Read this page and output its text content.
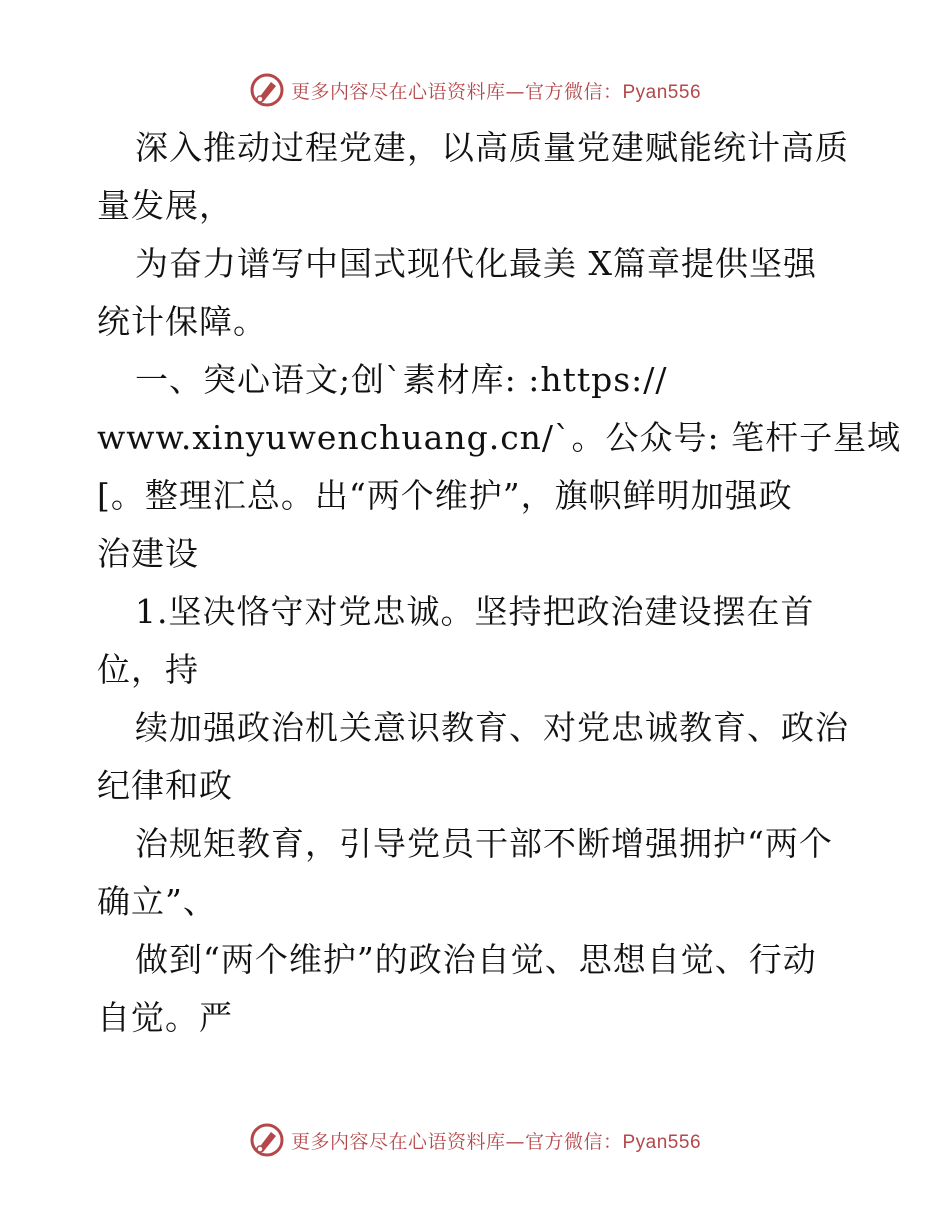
更多内容尽在心语资料库—官方微信：Pyan556
深入推动过程党建，以高质量党建赋能统计高质
量发展，
为奋力谱写中国式现代化最美 X篇章提供坚强
统计保障。
一、突心语文;创`素材库: :https://
www.xinyuwenchuang.cn/`。公众号: 笔杆子星域
[。整理汇总。出“两个维护”，旗帜鲜明加强政
治建设
1.坚决恪守对党忠诚。坚持把政治建设摆在首
位，持
续加强政治机关意识教育、对党忠诚教育、政治
纪律和政
治规矩教育，引导党员干部不断增强拥护“两个
确立”、
做到“两个维护”的政治自觉、思想自觉、行动
自觉。严
更多内容尽在心语资料库—官方微信：Pyan556
